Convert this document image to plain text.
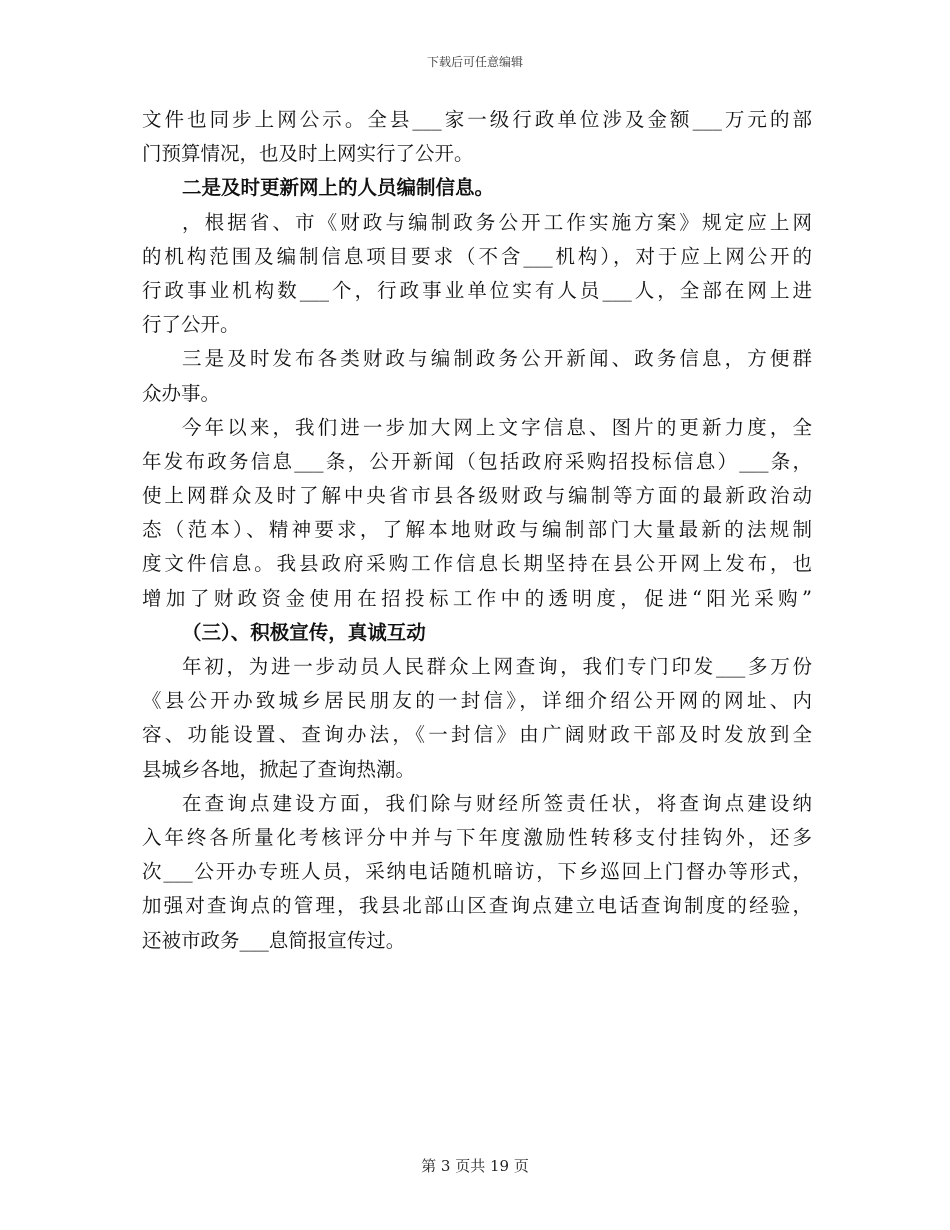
下载后可任意编辑
文件也同步上网公示。全县___家一级行政单位涉及金额___万元的部
门预算情况，也及时上网实行了公开。
二是及时更新网上的人员编制信息。
，根据省、市《财政与编制政务公开工作实施方案》规定应上网
的机构范围及编制信息项目要求（不含___机构），对于应上网公开的
行政事业机构数___个，行政事业单位实有人员___人，全部在网上进
行了公开。
三是及时发布各类财政与编制政务公开新闻、政务信息，方便群
众办事。
今年以来，我们进一步加大网上文字信息、图片的更新力度，全
年发布政务信息___条，公开新闻（包括政府采购招投标信息）___条，
使上网群众及时了解中央省市县各级财政与编制等方面的最新政治动
态（范本）、精神要求，了解本地财政与编制部门大量最新的法规制
度文件信息。我县政府采购工作信息长期坚持在县公开网上发布，也
增加了财政资金使用在招投标工作中的透明度，促进“阳光采购”
（三）、积极宣传，真诚互动
年初，为进一步动员人民群众上网查询，我们专门印发___多万份
《县公开办致城乡居民朋友的一封信》，详细介绍公开网的网址、内
容、功能设置、查询办法，《一封信》由广阔财政干部及时发放到全
县城乡各地，掀起了查询热潮。
在查询点建设方面，我们除与财经所签责任状，将查询点建设纳
入年终各所量化考核评分中并与下年度激励性转移支付挂钩外，还多
次___公开办专班人员，采纳电话随机暗访，下乡巡回上门督办等形式，
加强对查询点的管理，我县北部山区查询点建立电话查询制度的经验，
还被市政务___息简报宣传过。
第 3 页共 19 页
